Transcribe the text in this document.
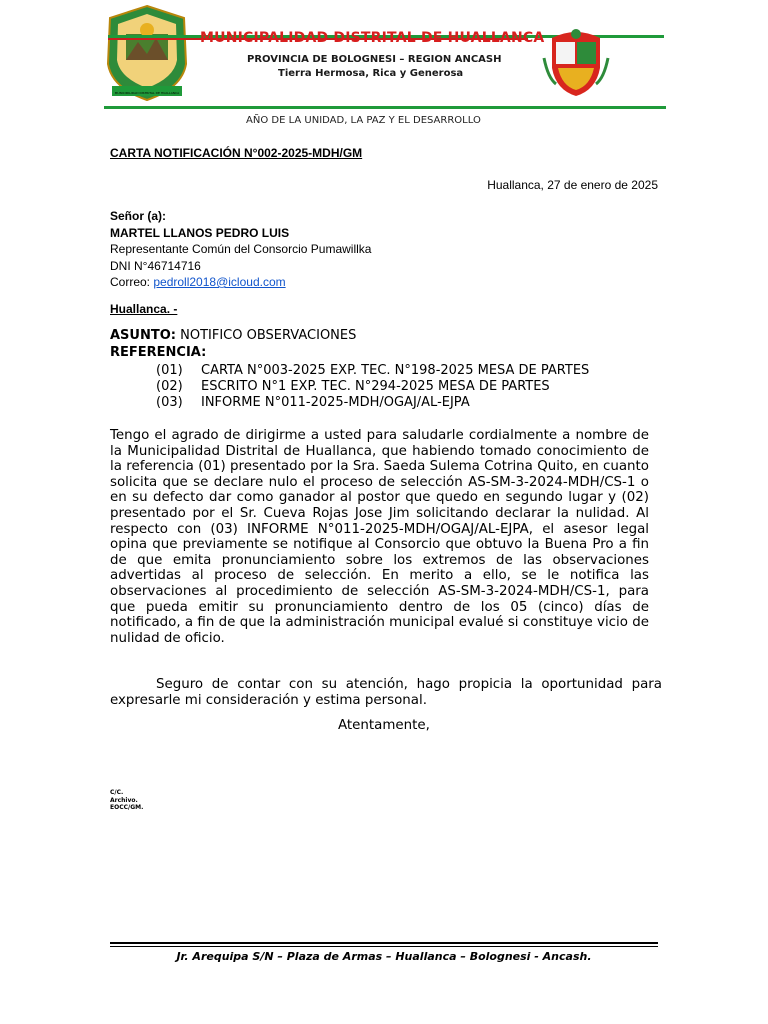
MUNICIPALIDAD DISTRITAL DE HUALLANCA
MUNICIPALIDAD DISTRITAL DE HUALLANCA
PROVINCIA DE BOLOGNESI – REGION ANCASH
Tierra Hermosa, Rica y Generosa
AÑO DE LA UNIDAD, LA PAZ Y EL DESARROLLO
CARTA NOTIFICACIÓN N°002-2025-MDH/GM
Huallanca, 27 de enero de 2025
Señor (a):
MARTEL LLANOS PEDRO LUIS
Representante Común del Consorcio Pumawillka
DNI N°46714716
Correo: pedroll2018@icloud.com
Huallanca. -
ASUNTO: NOTIFICO OBSERVACIONES
REFERENCIA:
(01) CARTA N°003-2025 EXP. TEC. N°198-2025 MESA DE PARTES
(02) ESCRITO N°1 EXP. TEC. N°294-2025 MESA DE PARTES
(03) INFORME N°011-2025-MDH/OGAJ/AL-EJPA
Tengo el agrado de dirigirme a usted para saludarle cordialmente a nombre de la Municipalidad Distrital de Huallanca, que habiendo tomado conocimiento de la referencia (01) presentado por la Sra. Saeda Sulema Cotrina Quito, en cuanto solicita que se declare nulo el proceso de selección AS-SM-3-2024-MDH/CS-1 o en su defecto dar como ganador al postor que quedo en segundo lugar y (02) presentado por el Sr. Cueva Rojas Jose Jim solicitando declarar la nulidad. Al respecto con (03) INFORME N°011-2025-MDH/OGAJ/AL-EJPA, el asesor legal opina que previamente se notifique al Consorcio que obtuvo la Buena Pro a fin de que emita pronunciamiento sobre los extremos de las observaciones advertidas al proceso de selección. En merito a ello, se le notifica las observaciones al procedimiento de selección AS-SM-3-2024-MDH/CS-1, para que pueda emitir su pronunciamiento dentro de los 05 (cinco) días de notificado, a fin de que la administración municipal evalué si constituye vicio de nulidad de oficio.
Seguro de contar con su atención, hago propicia la oportunidad para expresarle mi consideración y estima personal.
Atentamente,
C/C.
Archivo.
EOCC/GM.
Jr. Arequipa S/N – Plaza de Armas – Huallanca – Bolognesi - Ancash.
